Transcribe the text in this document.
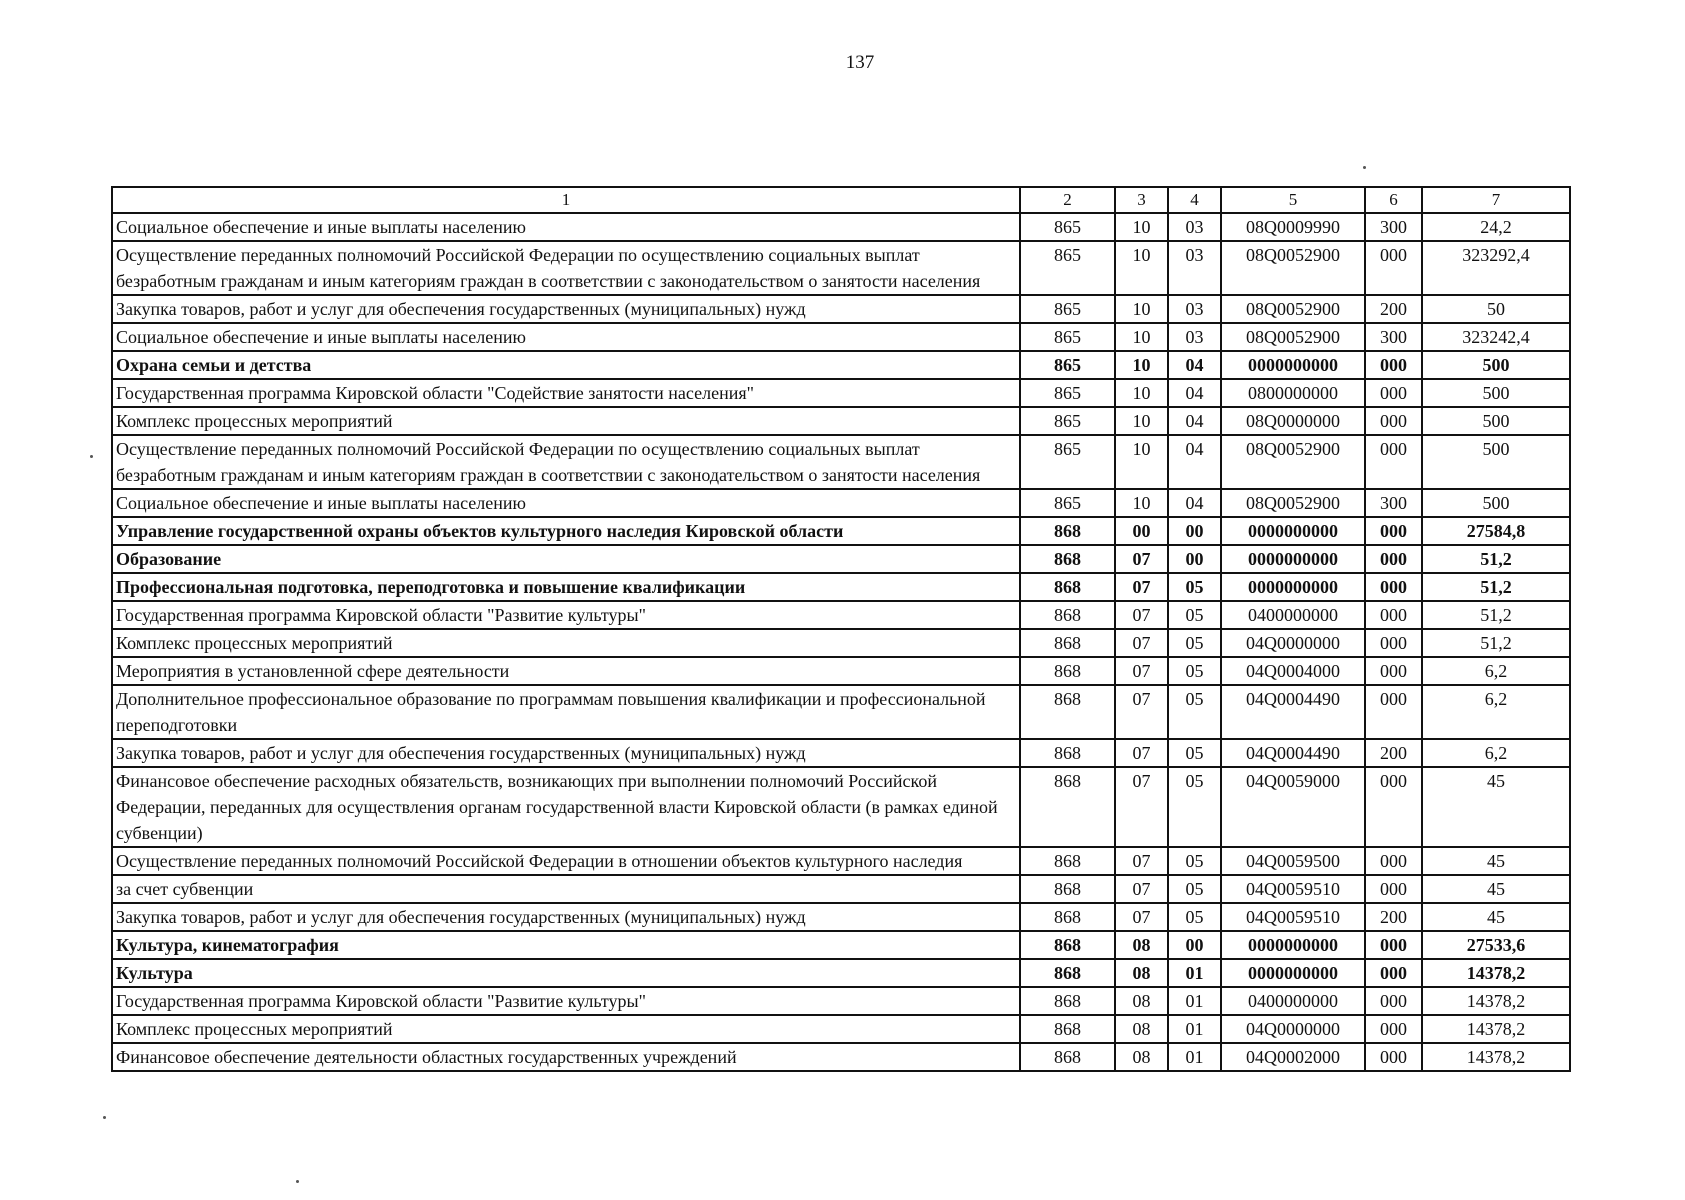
137
1	2	3	4	5	6	7
Социальное обеспечение и иные выплаты населению	865	10	03	08Q0009990	300	24,2
Осуществление переданных полномочий Российской Федерации по осуществлению социальных выплат безработным гражданам и иным категориям граждан в соответствии с законодательством о занятости населения	865	10	03	08Q0052900	000	323292,4
Закупка товаров, работ и услуг для обеспечения государственных (муниципальных) нужд	865	10	03	08Q0052900	200	50
Социальное обеспечение и иные выплаты населению	865	10	03	08Q0052900	300	323242,4
Охрана семьи и детства	865	10	04	0000000000	000	500
Государственная программа Кировской области "Содействие занятости населения"	865	10	04	0800000000	000	500
Комплекс процессных мероприятий	865	10	04	08Q0000000	000	500
Осуществление переданных полномочий Российской Федерации по осуществлению социальных выплат безработным гражданам и иным категориям граждан в соответствии с законодательством о занятости населения	865	10	04	08Q0052900	000	500
Социальное обеспечение и иные выплаты населению	865	10	04	08Q0052900	300	500
Управление государственной охраны объектов культурного наследия Кировской области	868	00	00	0000000000	000	27584,8
Образование	868	07	00	0000000000	000	51,2
Профессиональная подготовка, переподготовка и повышение квалификации	868	07	05	0000000000	000	51,2
Государственная программа Кировской области "Развитие культуры"	868	07	05	0400000000	000	51,2
Комплекс процессных мероприятий	868	07	05	04Q0000000	000	51,2
Мероприятия в установленной сфере деятельности	868	07	05	04Q0004000	000	6,2
Дополнительное профессиональное образование по программам повышения квалификации и профессиональной переподготовки	868	07	05	04Q0004490	000	6,2
Закупка товаров, работ и услуг для обеспечения государственных (муниципальных) нужд	868	07	05	04Q0004490	200	6,2
Финансовое обеспечение расходных обязательств, возникающих при выполнении полномочий Российской Федерации, переданных для осуществления органам государственной власти Кировской области (в рамках единой субвенции)	868	07	05	04Q0059000	000	45
Осуществление переданных полномочий Российской Федерации в отношении объектов культурного наследия	868	07	05	04Q0059500	000	45
за счет субвенции	868	07	05	04Q0059510	000	45
Закупка товаров, работ и услуг для обеспечения государственных (муниципальных) нужд	868	07	05	04Q0059510	200	45
Культура, кинематография	868	08	00	0000000000	000	27533,6
Культура	868	08	01	0000000000	000	14378,2
Государственная программа Кировской области "Развитие культуры"	868	08	01	0400000000	000	14378,2
Комплекс процессных мероприятий	868	08	01	04Q0000000	000	14378,2
Финансовое обеспечение деятельности областных государственных учреждений	868	08	01	04Q0002000	000	14378,2
